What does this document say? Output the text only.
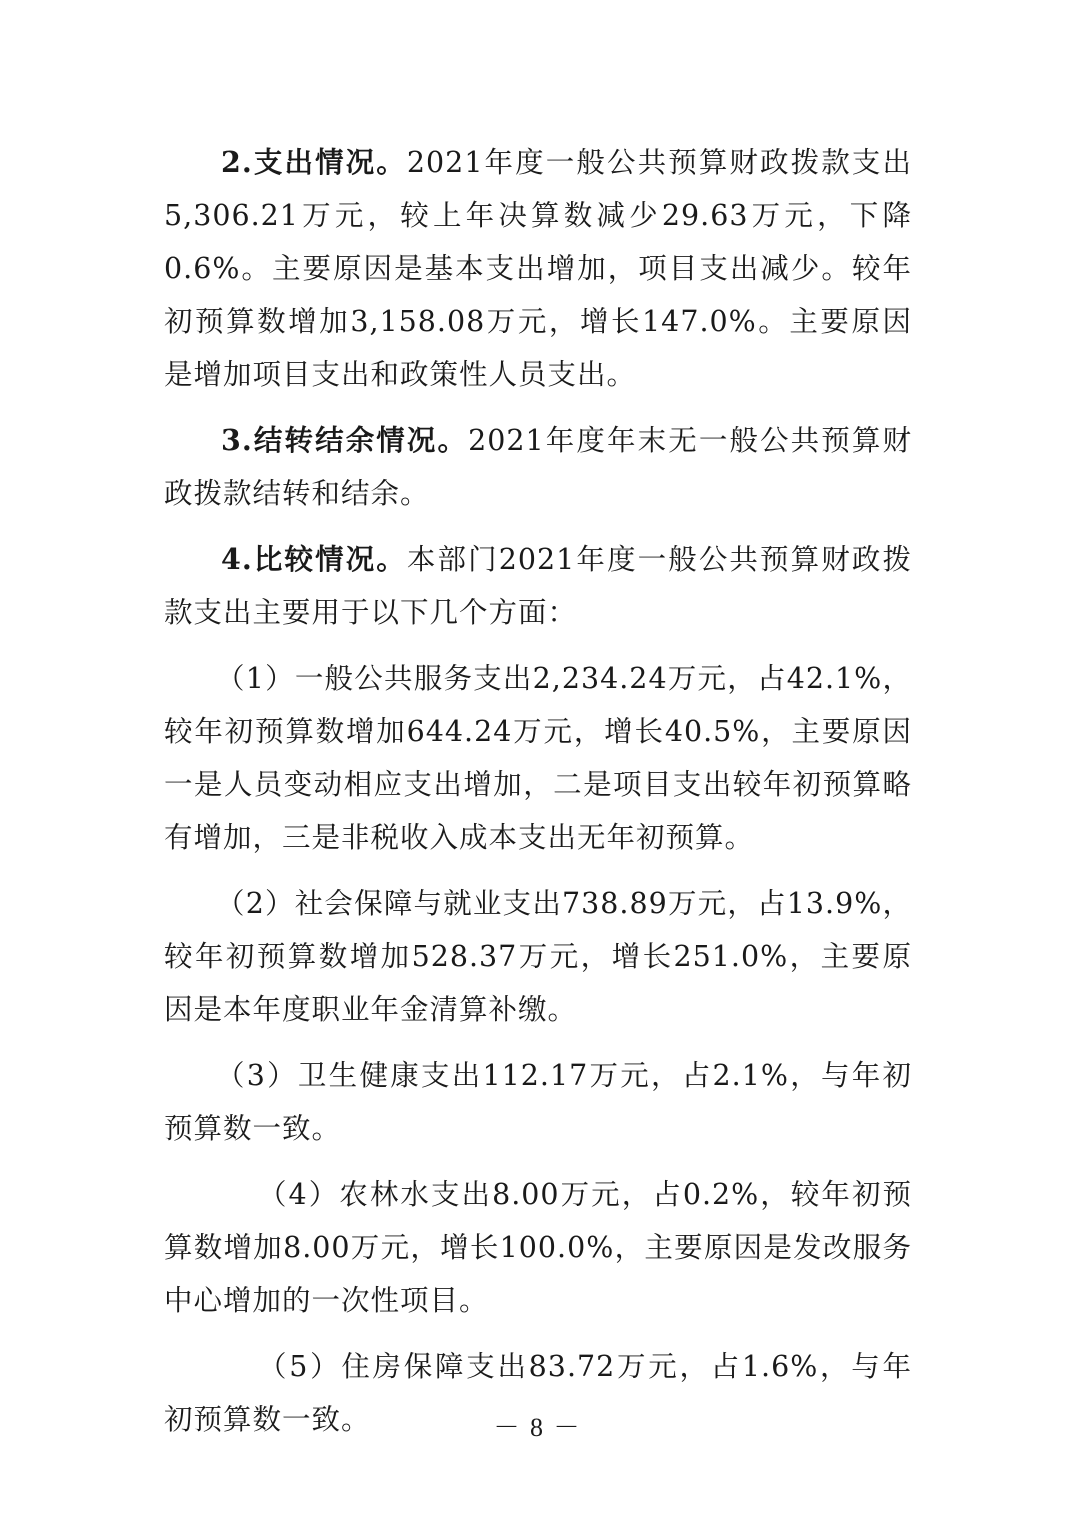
2.支出情况。2021年度一般公共预算财政拨款支出5,306.21万元，较上年决算数减少29.63万元，下降0.6%。主要原因是基本支出增加，项目支出减少。较年初预算数增加3,158.08万元，增长147.0%。主要原因是增加项目支出和政策性人员支出。

3.结转结余情况。2021年度年末无一般公共预算财政拨款结转和结余。

4.比较情况。本部门2021年度一般公共预算财政拨款支出主要用于以下几个方面：

（1）一般公共服务支出2,234.24万元，占42.1%，较年初预算数增加644.24万元，增长40.5%，主要原因一是人员变动相应支出增加，二是项目支出较年初预算略有增加，三是非税收入成本支出无年初预算。

（2）社会保障与就业支出738.89万元，占13.9%，较年初预算数增加528.37万元，增长251.0%，主要原因是本年度职业年金清算补缴。

（3）卫生健康支出112.17万元，占2.1%，与年初预算数一致。

（4）农林水支出8.00万元，占0.2%，较年初预算数增加8.00万元，增长100.0%，主要原因是发改服务中心增加的一次性项目。

（5）住房保障支出83.72万元，占1.6%，与年初预算数一致。	－ 8 －
